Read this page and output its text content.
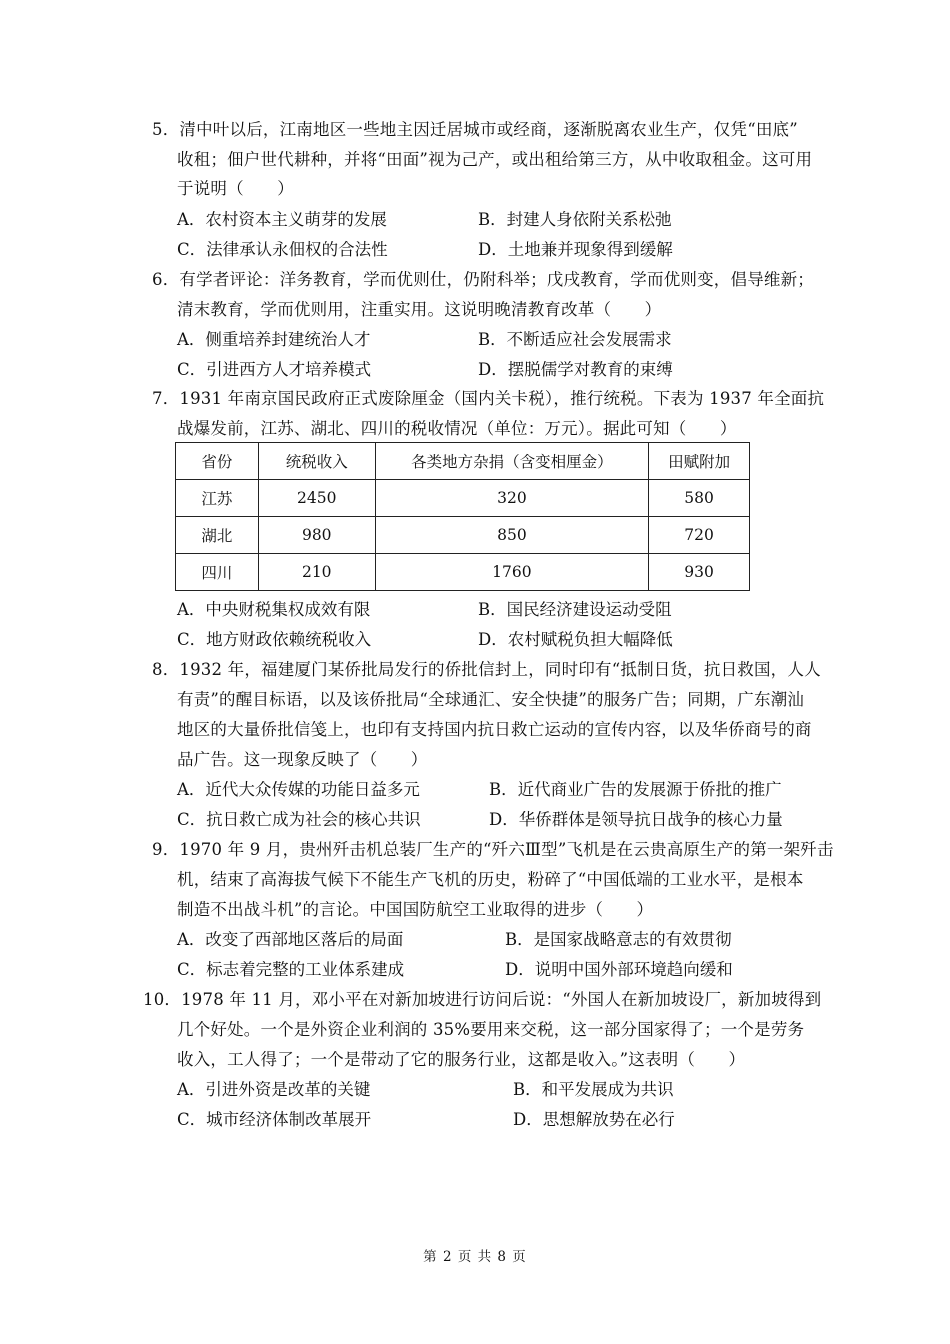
5．清中叶以后，江南地区一些地主因迁居城市或经商，逐渐脱离农业生产，仅凭“田底”
收租；佃户世代耕种，并将“田面”视为己产，或出租给第三方，从中收取租金。这可用
于说明（　　）
A．农村资本主义萌芽的发展	B．封建人身依附关系松弛
C．法律承认永佃权的合法性	D．土地兼并现象得到缓解
6．有学者评论：洋务教育，学而优则仕，仍附科举；戊戌教育，学而优则变，倡导维新；
清末教育，学而优则用，注重实用。这说明晚清教育改革（　　）
A．侧重培养封建统治人才	B．不断适应社会发展需求
C．引进西方人才培养模式	D．摆脱儒学对教育的束缚
7．1931 年南京国民政府正式废除厘金（国内关卡税），推行统税。下表为 1937 年全面抗
战爆发前，江苏、湖北、四川的税收情况（单位：万元）。据此可知（　　）
省份	统税收入	各类地方杂捐（含变相厘金）	田赋附加
江苏	2450	320	580
湖北	980	850	720
四川	210	1760	930
A．中央财税集权成效有限	B．国民经济建设运动受阻
C．地方财政依赖统税收入	D．农村赋税负担大幅降低
8．1932 年，福建厦门某侨批局发行的侨批信封上，同时印有“抵制日货，抗日救国，人人
有责”的醒目标语，以及该侨批局“全球通汇、安全快捷”的服务广告；同期，广东潮汕
地区的大量侨批信笺上，也印有支持国内抗日救亡运动的宣传内容，以及华侨商号的商
品广告。这一现象反映了（　　）
A．近代大众传媒的功能日益多元	B．近代商业广告的发展源于侨批的推广
C．抗日救亡成为社会的核心共识	D．华侨群体是领导抗日战争的核心力量
9．1970 年 9 月，贵州歼击机总装厂生产的“歼六Ⅲ型”飞机是在云贵高原生产的第一架歼击
机，结束了高海拔气候下不能生产飞机的历史，粉碎了“中国低端的工业水平，是根本
制造不出战斗机”的言论。中国国防航空工业取得的进步（　　）
A．改变了西部地区落后的局面	B．是国家战略意志的有效贯彻
C．标志着完整的工业体系建成	D．说明中国外部环境趋向缓和
10．1978 年 11 月，邓小平在对新加坡进行访问后说：“外国人在新加坡设厂，新加坡得到
几个好处。一个是外资企业利润的 35%要用来交税，这一部分国家得了；一个是劳务
收入，工人得了；一个是带动了它的服务行业，这都是收入。”这表明（　　）
A．引进外资是改革的关键	B．和平发展成为共识
C．城市经济体制改革展开	D．思想解放势在必行
第 2 页 共 8 页
